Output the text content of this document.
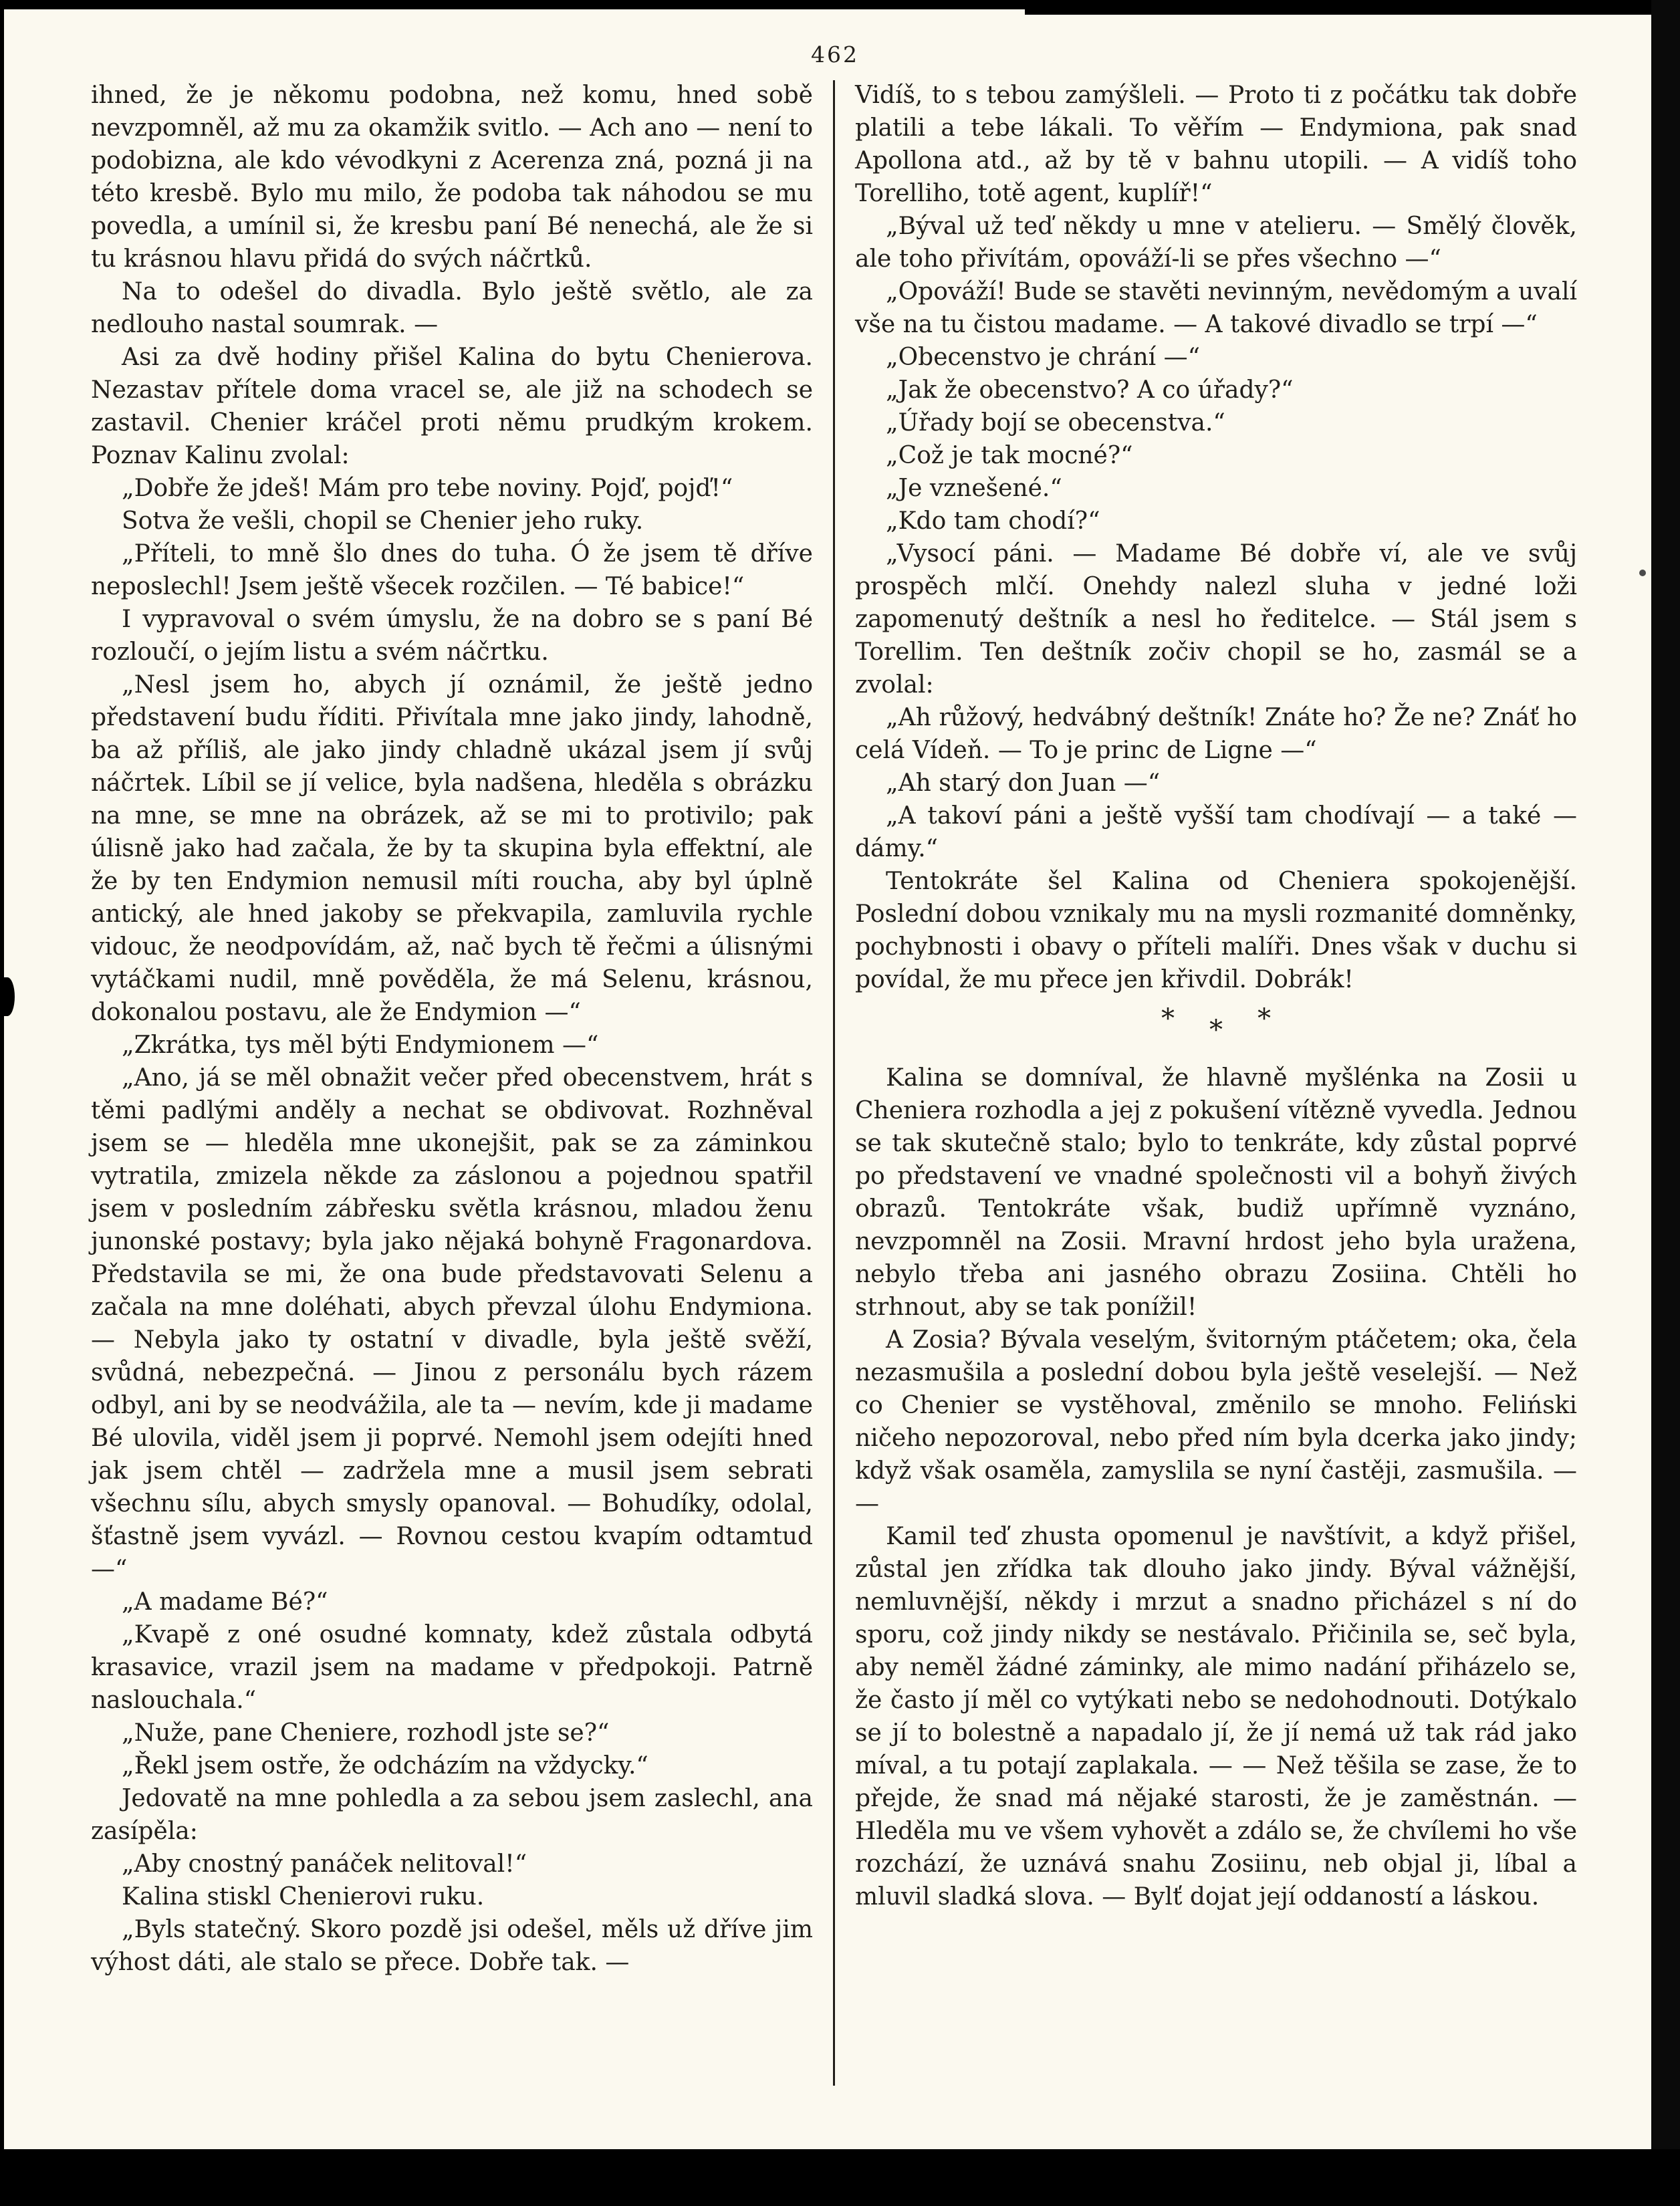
462

ihned, že je někomu podobna, než komu, hned sobě nevzpomněl, až mu za okamžik svitlo. — Ach ano — není to podobizna, ale kdo vévodkyni z Acerenza zná, pozná ji na této kresbě. Bylo mu milo, že podoba tak náhodou se mu povedla, a umínil si, že kresbu paní Bé nenechá, ale že si tu krásnou hlavu přidá do svých náčrtků.

Na to odešel do divadla. Bylo ještě světlo, ale za nedlouho nastal soumrak. —

Asi za dvě hodiny přišel Kalina do bytu Chenierova. Nezastav přítele doma vracel se, ale již na schodech se zastavil. Chenier kráčel proti němu prudkým krokem. Poznav Kalinu zvolal:

„Dobře že jdeš! Mám pro tebe noviny. Pojď, pojď!“

Sotva že vešli, chopil se Chenier jeho ruky.

„Příteli, to mně šlo dnes do tuha. Ó že jsem tě dříve neposlechl! Jsem ještě všecek rozčilen. — Té babice!“

I vypravoval o svém úmyslu, že na dobro se s paní Bé rozloučí, o jejím listu a svém náčrtku.

„Nesl jsem ho, abych jí oznámil, že ještě jedno představení budu říditi. Přivítala mne jako jindy, lahodně, ba až příliš, ale jako jindy chladně ukázal jsem jí svůj náčrtek. Líbil se jí velice, byla nadšena, hleděla s obrázku na mne, se mne na obrázek, až se mi to protivilo; pak úlisně jako had začala, že by ta skupina byla effektní, ale že by ten Endymion nemusil míti roucha, aby byl úplně antický, ale hned jakoby se překvapila, zamluvila rychle vidouc, že neodpovídám, až, nač bych tě řečmi a úlisnými vytáčkami nudil, mně pověděla, že má Selenu, krásnou, dokonalou postavu, ale že Endymion —“

„Zkrátka, tys měl býti Endymionem —“

„Ano, já se měl obnažit večer před obecenstvem, hrát s těmi padlými anděly a nechat se obdivovat. Rozhněval jsem se — hleděla mne ukonejšit, pak se za záminkou vytratila, zmizela někde za záslonou a pojednou spatřil jsem v posledním zábřesku světla krásnou, mladou ženu junonské postavy; byla jako nějaká bohyně Fragonardova. Představila se mi, že ona bude představovati Selenu a začala na mne doléhati, abych převzal úlohu Endymiona. — Nebyla jako ty ostatní v divadle, byla ještě svěží, svůdná, nebezpečná. — Jinou z personálu bych rázem odbyl, ani by se neodvážila, ale ta — nevím, kde ji madame Bé ulovila, viděl jsem ji poprvé. Nemohl jsem odejíti hned jak jsem chtěl — zadržela mne a musil jsem sebrati všechnu sílu, abych smysly opanoval. — Bohudíky, odolal, šťastně jsem vyvázl. — Rovnou cestou kvapím odtamtud —“

„A madame Bé?“

„Kvapě z oné osudné komnaty, kdež zůstala odbytá krasavice, vrazil jsem na madame v předpokoji. Patrně naslouchala.“

„Nuže, pane Cheniere, rozhodl jste se?“

„Řekl jsem ostře, že odcházím na vždycky.“

Jedovatě na mne pohledla a za sebou jsem zaslechl, ana zasípěla:

„Aby cnostný panáček nelitoval!“

Kalina stiskl Chenierovi ruku.

„Byls statečný. Skoro pozdě jsi odešel, měls už dříve jim výhost dáti, ale stalo se přece. Dobře tak. —

Vidíš, to s tebou zamýšleli. — Proto ti z počátku tak dobře platili a tebe lákali. To věřím — Endymiona, pak snad Apollona atd., až by tě v bahnu utopili. — A vidíš toho Torelliho, totě agent, kuplíř!“

„Býval už teď někdy u mne v atelieru. — Smělý člověk, ale toho přivítám, opováží-li se přes všechno —“

„Opováží! Bude se stavěti nevinným, nevědomým a uvalí vše na tu čistou madame. — A takové divadlo se trpí —“

„Obecenstvo je chrání —“

„Jak že obecenstvo? A co úřady?“

„Úřady bojí se obecenstva.“

„Což je tak mocné?“

„Je vznešené.“

„Kdo tam chodí?“

„Vysocí páni. — Madame Bé dobře ví, ale ve svůj prospěch mlčí. Onehdy nalezl sluha v jedné loži zapomenutý deštník a nesl ho ředitelce. — Stál jsem s Torellim. Ten deštník zočiv chopil se ho, zasmál se a zvolal:

„Ah růžový, hedvábný deštník! Znáte ho? Že ne? Znáť ho celá Vídeň. — To je princ de Ligne —“

„Ah starý don Juan —“

„A takoví páni a ještě vyšší tam chodívají — a také — dámy.“

Tentokráte šel Kalina od Cheniera spokojenější. Poslední dobou vznikaly mu na mysli rozmanité domněnky, pochybnosti i obavy o příteli malíři. Dnes však v duchu si povídal, že mu přece jen křivdil. Dobrák!

* * *

Kalina se domníval, že hlavně myšlénka na Zosii u Cheniera rozhodla a jej z pokušení vítězně vyvedla. Jednou se tak skutečně stalo; bylo to tenkráte, kdy zůstal poprvé po představení ve vnadné společnosti vil a bohyň živých obrazů. Tentokráte však, budiž upřímně vyznáno, nevzpomněl na Zosii. Mravní hrdost jeho byla uražena, nebylo třeba ani jasného obrazu Zosiina. Chtěli ho strhnout, aby se tak ponížil!

A Zosia? Bývala veselým, švitorným ptáčetem; oka, čela nezasmušila a poslední dobou byla ještě veselejší. — Než co Chenier se vystěhoval, změnilo se mnoho. Feliński ničeho nepozoroval, nebo před ním byla dcerka jako jindy; když však osaměla, zamyslila se nyní častěji, zasmušila. — —

Kamil teď zhusta opomenul je navštívit, a když přišel, zůstal jen zřídka tak dlouho jako jindy. Býval vážnější, nemluvnější, někdy i mrzut a snadno přicházel s ní do sporu, což jindy nikdy se nestávalo. Přičinila se, seč byla, aby neměl žádné záminky, ale mimo nadání přiházelo se, že často jí měl co vytýkati nebo se nedohodnouti. Dotýkalo se jí to bolestně a napadalo jí, že jí nemá už tak rád jako míval, a tu potají zaplakala. — — Než těšila se zase, že to přejde, že snad má nějaké starosti, že je zaměstnán. — Hleděla mu ve všem vyhovět a zdálo se, že chvílemi ho vše rozchází, že uznává snahu Zosiinu, neb objal ji, líbal a mluvil sladká slova. — Bylť dojat její oddaností a láskou.
